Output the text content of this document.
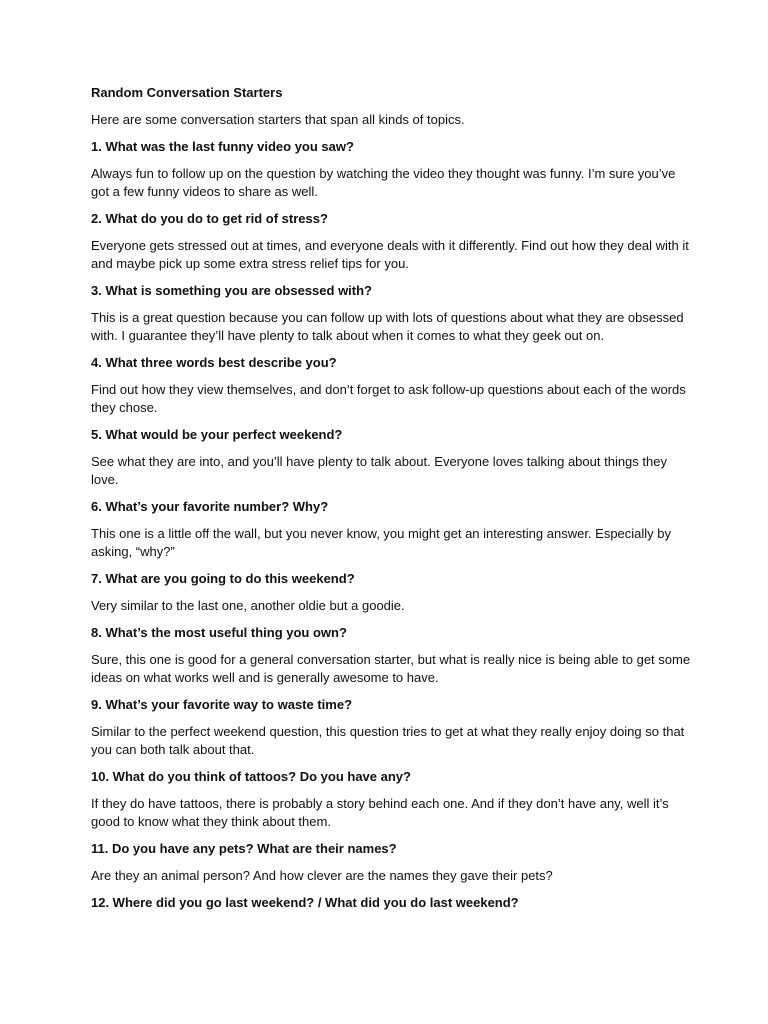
Random Conversation Starters

Here are some conversation starters that span all kinds of topics.

1. What was the last funny video you saw?

Always fun to follow up on the question by watching the video they thought was funny. I’m sure you’ve got a few funny videos to share as well.

2. What do you do to get rid of stress?

Everyone gets stressed out at times, and everyone deals with it differently. Find out how they deal with it and maybe pick up some extra stress relief tips for you.

3. What is something you are obsessed with?

This is a great question because you can follow up with lots of questions about what they are obsessed with. I guarantee they’ll have plenty to talk about when it comes to what they geek out on.

4. What three words best describe you?

Find out how they view themselves, and don’t forget to ask follow-up questions about each of the words they chose.

5. What would be your perfect weekend?

See what they are into, and you’ll have plenty to talk about. Everyone loves talking about things they love.

6. What’s your favorite number? Why?

This one is a little off the wall, but you never know, you might get an interesting answer. Especially by asking, “why?”

7. What are you going to do this weekend?

Very similar to the last one, another oldie but a goodie.

8. What’s the most useful thing you own?

Sure, this one is good for a general conversation starter, but what is really nice is being able to get some ideas on what works well and is generally awesome to have.

9. What’s your favorite way to waste time?

Similar to the perfect weekend question, this question tries to get at what they really enjoy doing so that you can both talk about that.

10. What do you think of tattoos? Do you have any?

If they do have tattoos, there is probably a story behind each one. And if they don’t have any, well it’s good to know what they think about them.

11. Do you have any pets? What are their names?

Are they an animal person? And how clever are the names they gave their pets?

12. Where did you go last weekend? / What did you do last weekend?
